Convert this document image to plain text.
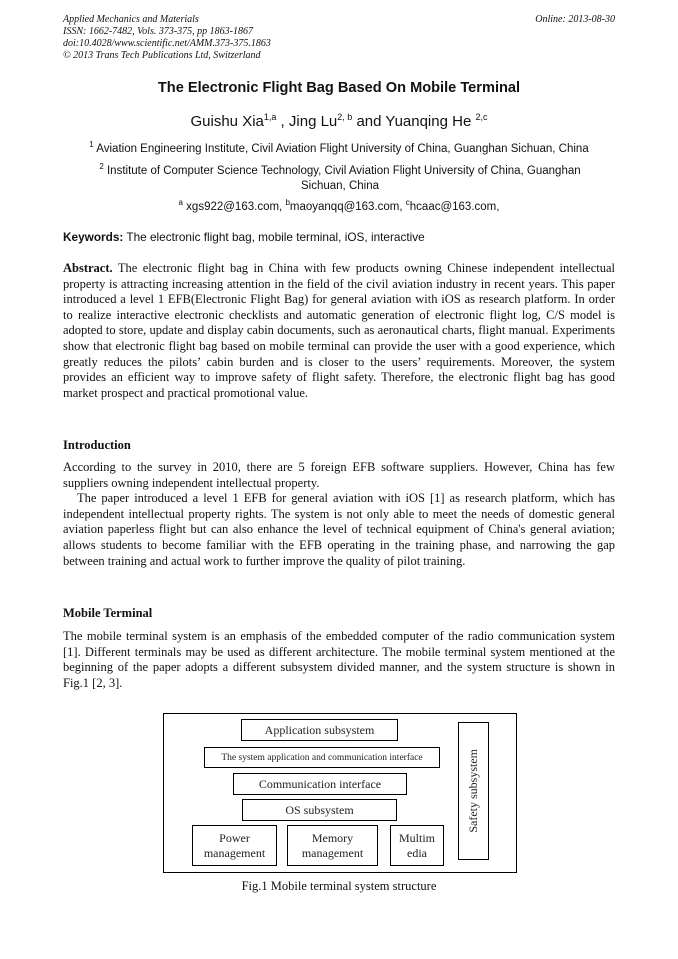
Applied Mechanics and Materials
ISSN: 1662-7482, Vols. 373-375, pp 1863-1867
doi:10.4028/www.scientific.net/AMM.373-375.1863
© 2013 Trans Tech Publications Ltd, Switzerland
Online: 2013-08-30
The Electronic Flight Bag Based On Mobile Terminal
Guishu Xia$^{1,a}$ , Jing Lu$^{2, b}$ and Yuanqing He $^{2,c}$
$^1$ Aviation Engineering Institute, Civil Aviation Flight University of China, Guanghan Sichuan, China
$^2$ Institute of Computer Science Technology, Civil Aviation Flight University of China, Guanghan Sichuan, China
$^a$ xgs922@163.com, $^b$maoyanqq@163.com, $^c$hcaac@163.com,
Keywords: The electronic flight bag, mobile terminal, iOS, interactive
Abstract. The electronic flight bag in China with few products owning Chinese independent intellectual property is attracting increasing attention in the field of the civil aviation industry in recent years. This paper introduced a level 1 EFB(Electronic Flight Bag) for general aviation with iOS as research platform. In order to realize interactive electronic checklists and automatic generation of electronic flight log, C/S model is adopted to store, update and display cabin documents, such as aeronautical charts, flight manual. Experiments show that electronic flight bag based on mobile terminal can provide the user with a good experience, which greatly reduces the pilots’ cabin burden and is closer to the users’ requirements. Moreover, the system provides an efficient way to improve safety of flight safety. Therefore, the electronic flight bag has good market prospect and practical promotional value.
Introduction

According to the survey in 2010, there are 5 foreign EFB software suppliers. However, China has few suppliers owning independent intellectual property.

The paper introduced a level 1 EFB for general aviation with iOS [1] as research platform, which has independent intellectual property rights. The system is not only able to meet the needs of domestic general aviation paperless flight but can also enhance the level of technical equipment of China's general aviation; allows students to become familiar with the EFB operating in the training phase, and narrowing the gap between training and actual work to further improve the quality of pilot training.

Mobile Terminal

The mobile terminal system is an emphasis of the embedded computer of the radio communication system [1]. Different terminals may be used as different architecture. The mobile terminal system mentioned at the beginning of the paper adopts a different subsystem divided manner, and the system structure is shown in Fig.1 [2, 3].

Application subsystem
The system application and communication interface
Communication interface
OS subsystem
Power management
Memory management
Multim
edia
Safety subsystem
Fig.1 Mobile terminal system structure
